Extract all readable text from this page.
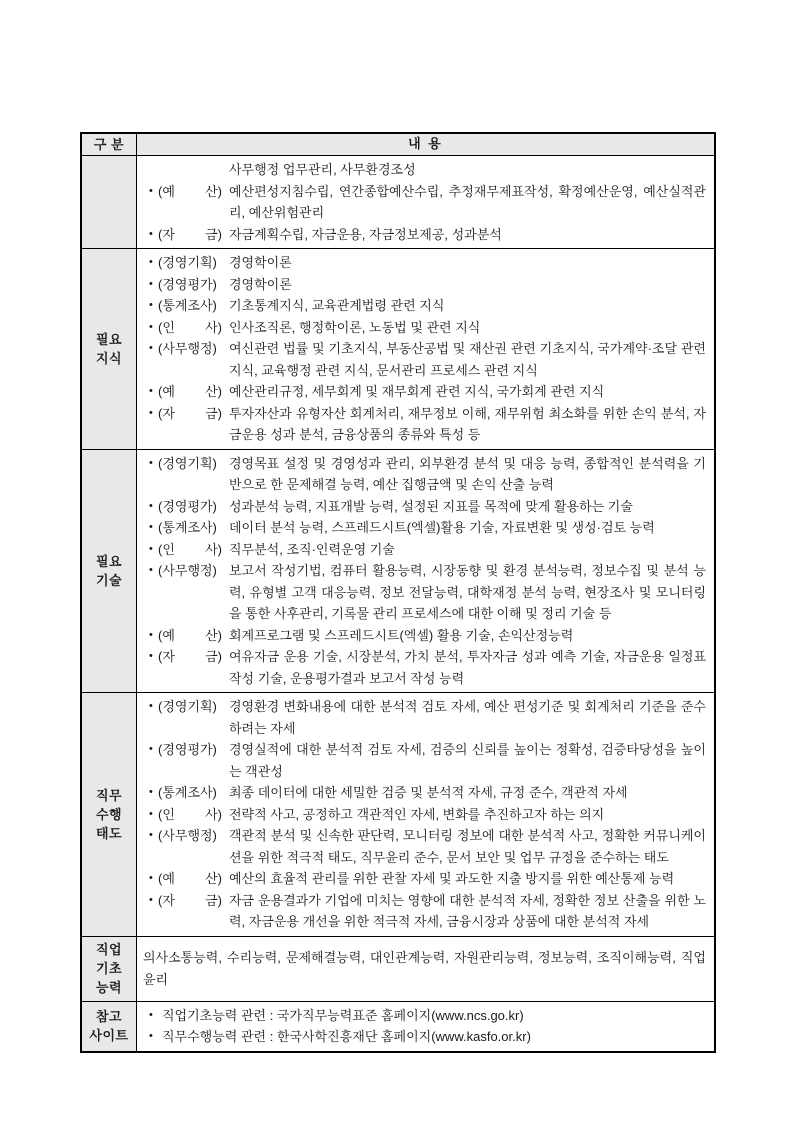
구 분	내 용
사무행정 업무관리, 사무환경조성
• (예 산) 예산편성지침수립, 연간종합예산수립, 추정재무제표작성, 확정예산운영, 예산실적관리, 예산위험관리
• (자 금) 자금계획수립, 자금운용, 자금정보제공, 성과분석
필요 지식
• (경영기획) 경영학이론
• (경영평가) 경영학이론
• (통계조사) 기초통계지식, 교육관계법령 관련 지식
• (인 사) 인사조직론, 행정학이론, 노동법 및 관련 지식
• (사무행정) 여신관련 법률 및 기초지식, 부동산공법 및 재산권 관련 기초지식, 국가계약·조달 관련 지식, 교육행정 관련 지식, 문서관리 프로세스 관련 지식
• (예 산) 예산관리규정, 세무회계 및 재무회계 관련 지식, 국가회계 관련 지식
• (자 금) 투자자산과 유형자산 회계처리, 재무정보 이해, 재무위험 최소화를 위한 손익 분석, 자금운용 성과 분석, 금융상품의 종류와 특성 등
필요 기술
• (경영기획) 경영목표 설정 및 경영성과 관리, 외부환경 분석 및 대응 능력, 종합적인 분석력을 기반으로 한 문제해결 능력, 예산 집행금액 및 손익 산출 능력
• (경영평가) 성과분석 능력, 지표개발 능력, 설정된 지표를 목적에 맞게 활용하는 기술
• (통계조사) 데이터 분석 능력, 스프레드시트(엑셀)활용 기술, 자료변환 및 생성·검토 능력
• (인 사) 직무분석, 조직·인력운영 기술
• (사무행정) 보고서 작성기법, 컴퓨터 활용능력, 시장동향 및 환경 분석능력, 정보수집 및 분석 능력, 유형별 고객 대응능력, 정보 전달능력, 대학재정 분석 능력, 현장조사 및 모니터링을 통한 사후관리, 기록물 관리 프로세스에 대한 이해 및 정리 기술 등
• (예 산) 회계프로그램 및 스프레드시트(엑셀) 활용 기술, 손익산정능력
• (자 금) 여유자금 운용 기술, 시장분석, 가치 분석, 투자자금 성과 예측 기술, 자금운용 일정표 작성 기술, 운용평가결과 보고서 작성 능력
직무 수행 태도
• (경영기획) 경영환경 변화내용에 대한 분석적 검토 자세, 예산 편성기준 및 회계처리 기준을 준수하려는 자세
• (경영평가) 경영실적에 대한 분석적 검토 자세, 검증의 신뢰를 높이는 정확성, 검증타당성을 높이는 객관성
• (통계조사) 최종 데이터에 대한 세밀한 검증 및 분석적 자세, 규정 준수, 객관적 자세
• (인 사) 전략적 사고, 공정하고 객관적인 자세, 변화를 추진하고자 하는 의지
• (사무행정) 객관적 분석 및 신속한 판단력, 모니터링 정보에 대한 분석적 사고, 정확한 커뮤니케이션을 위한 적극적 태도, 직무윤리 준수, 문서 보안 및 업무 규정을 준수하는 태도
• (예 산) 예산의 효율적 관리를 위한 관찰 자세 및 과도한 지출 방지를 위한 예산통제 능력
• (자 금) 자금 운용결과가 기업에 미치는 영향에 대한 분석적 자세, 정확한 정보 산출을 위한 노력, 자금운용 개선을 위한 적극적 자세, 금융시장과 상품에 대한 분석적 자세
직업 기초 능력
의사소통능력, 수리능력, 문제해결능력, 대인관계능력, 자원관리능력, 정보능력, 조직이해능력, 직업윤리
참고 사이트
• 직업기초능력 관련 : 국가직무능력표준 홈페이지(www.ncs.go.kr)
• 직무수행능력 관련 : 한국사학진흥재단 홈페이지(www.kasfo.or.kr)
